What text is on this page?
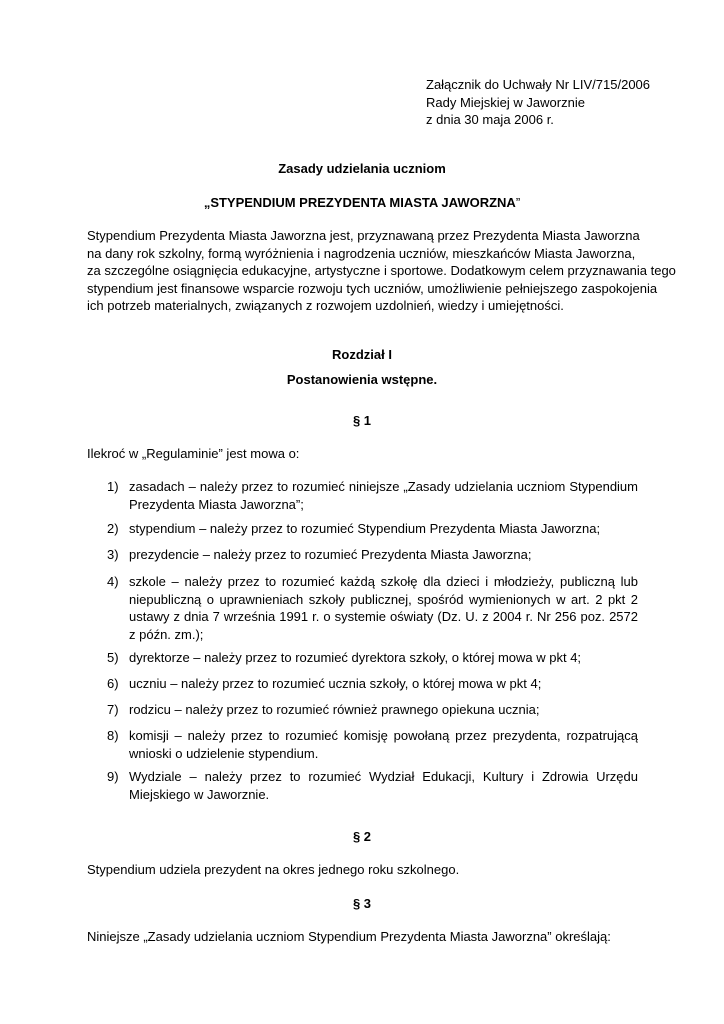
Załącznik do Uchwały Nr LIV/715/2006
Rady Miejskiej w Jaworznie
z dnia 30 maja 2006 r.
Zasady udzielania uczniom
„STYPENDIUM PREZYDENTA MIASTA JAWORZNA”
Stypendium Prezydenta Miasta Jaworzna jest, przyznawaną przez Prezydenta Miasta Jaworzna
na dany rok szkolny, formą wyróżnienia i nagrodzenia uczniów, mieszkańców Miasta Jaworzna,
za szczególne osiągnięcia edukacyjne, artystyczne i sportowe. Dodatkowym celem przyznawania tego
stypendium jest finansowe wsparcie rozwoju tych uczniów, umożliwienie pełniejszego zaspokojenia
ich potrzeb materialnych, związanych z rozwojem uzdolnień, wiedzy i umiejętności.
Rozdział I
Postanowienia wstępne.
§ 1
Ilekroć w „Regulaminie” jest mowa o:
1) zasadach – należy przez to rozumieć niniejsze „Zasady udzielania uczniom Stypendium Prezydenta Miasta Jaworzna”;
2) stypendium – należy przez to rozumieć Stypendium Prezydenta Miasta Jaworzna;
3) prezydencie – należy przez to rozumieć Prezydenta Miasta Jaworzna;
4) szkole – należy przez to rozumieć każdą szkołę dla dzieci i młodzieży, publiczną lub niepubliczną o uprawnieniach szkoły publicznej, spośród wymienionych w art. 2 pkt 2 ustawy z dnia 7 września 1991 r. o systemie oświaty (Dz. U. z 2004 r. Nr 256 poz. 2572 z późn. zm.);
5) dyrektorze – należy przez to rozumieć dyrektora szkoły, o której mowa w pkt 4;
6) uczniu – należy przez to rozumieć ucznia szkoły, o której mowa w pkt 4;
7) rodzicu – należy przez to rozumieć również prawnego opiekuna ucznia;
8) komisji – należy przez to rozumieć komisję powołaną przez prezydenta, rozpatrującą wnioski o udzielenie stypendium.
9) Wydziale – należy przez to rozumieć Wydział Edukacji, Kultury i Zdrowia Urzędu Miejskiego w Jaworznie.
§ 2
Stypendium udziela prezydent na okres jednego roku szkolnego.
§ 3
Niniejsze „Zasady udzielania uczniom Stypendium Prezydenta Miasta Jaworzna” określają:
